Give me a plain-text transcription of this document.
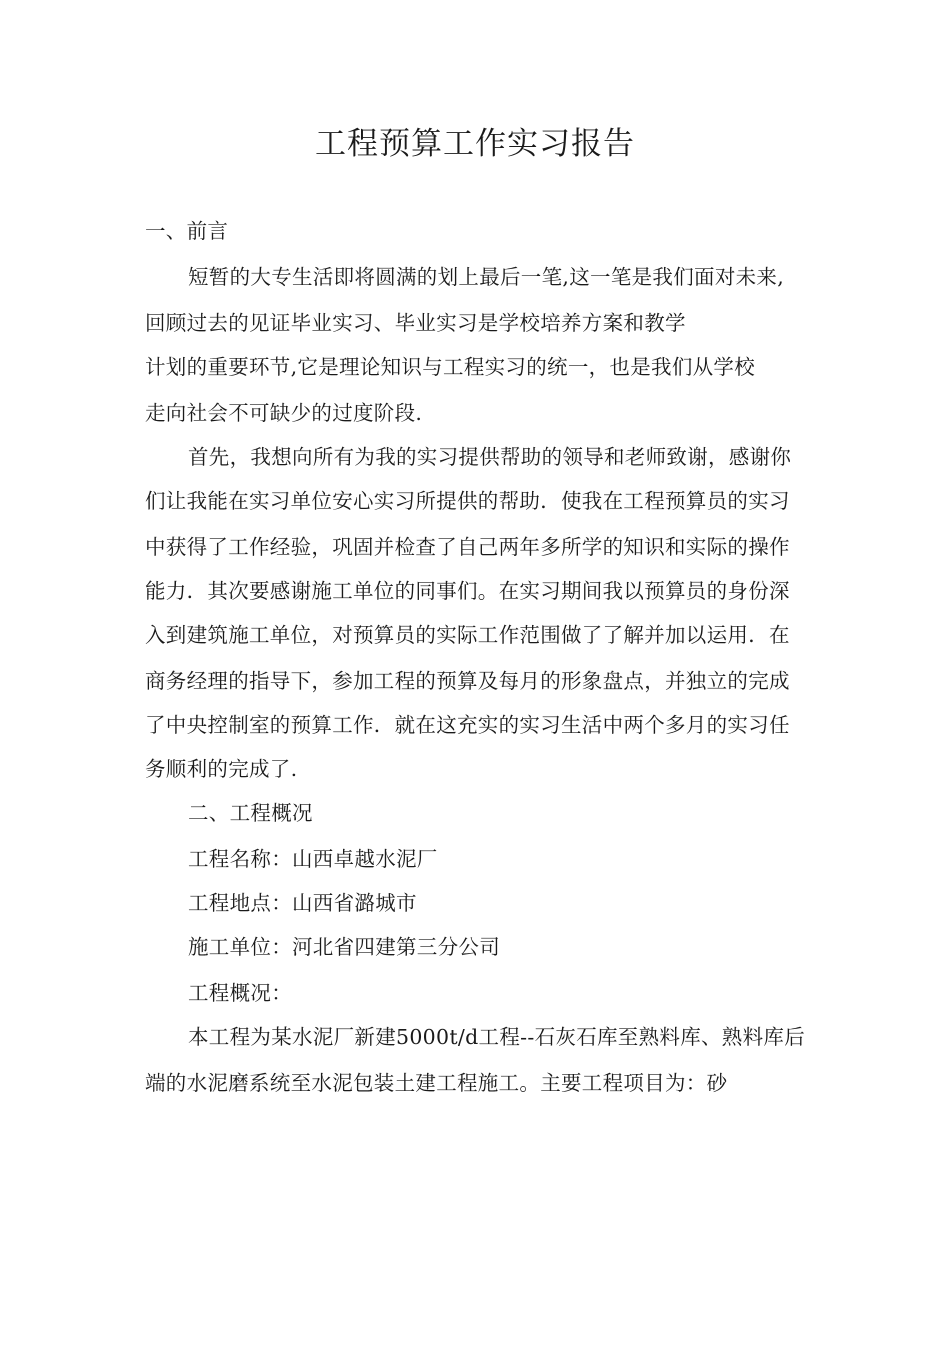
工程预算工作实习报告
一、前言
短暂的大专生活即将圆满的划上最后一笔,这一笔是我们面对未来,
回顾过去的见证毕业实习、毕业实习是学校培养方案和教学
计划的重要环节,它是理论知识与工程实习的统一，也是我们从学校
走向社会不可缺少的过度阶段.
首先，我想向所有为我的实习提供帮助的领导和老师致谢，感谢你
们让我能在实习单位安心实习所提供的帮助．使我在工程预算员的实习
中获得了工作经验，巩固并检查了自己两年多所学的知识和实际的操作
能力．其次要感谢施工单位的同事们。在实习期间我以预算员的身份深
入到建筑施工单位，对预算员的实际工作范围做了了解并加以运用．在
商务经理的指导下，参加工程的预算及每月的形象盘点，并独立的完成
了中央控制室的预算工作．就在这充实的实习生活中两个多月的实习任
务顺利的完成了.
二、工程概况
工程名称：山西卓越水泥厂
工程地点：山西省潞城市
施工单位：河北省四建第三分公司
工程概况：
本工程为某水泥厂新建5000t/d工程--石灰石库至熟料库、熟料库后
端的水泥磨系统至水泥包装土建工程施工。主要工程项目为：砂
